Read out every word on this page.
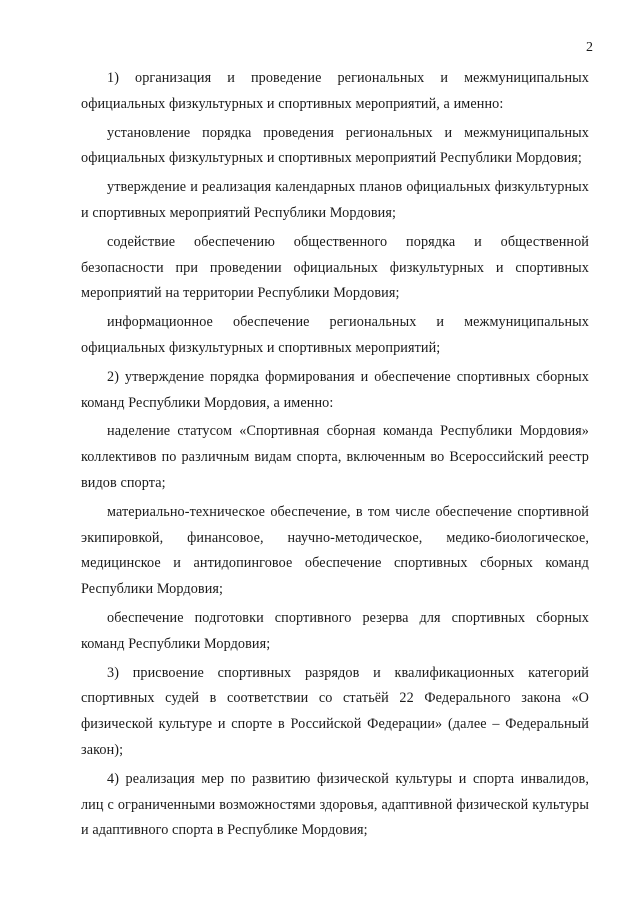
2

1) организация и проведение региональных и межмуниципальных официальных физкультурных и спортивных мероприятий, а именно:

установление порядка проведения региональных и межмуниципальных официальных физкультурных и спортивных мероприятий Республики Мордовия;

утверждение и реализация календарных планов официальных физкультурных и спортивных мероприятий Республики Мордовия;

содействие обеспечению общественного порядка и общественной безопасности при проведении официальных физкультурных и спортивных мероприятий на территории Республики Мордовия;

информационное обеспечение региональных и межмуниципальных официальных физкультурных и спортивных мероприятий;

2) утверждение порядка формирования и обеспечение спортивных сборных команд Республики Мордовия, а именно:

наделение статусом «Спортивная сборная команда Республики Мордовия» коллективов по различным видам спорта, включенным во Всероссийский реестр видов спорта;

материально-техническое обеспечение, в том числе обеспечение спортивной экипировкой, финансовое, научно-методическое, медико-биологическое, медицинское и антидопинговое обеспечение спортивных сборных команд Республики Мордовия;

обеспечение подготовки спортивного резерва для спортивных сборных команд Республики Мордовия;

3) присвоение спортивных разрядов и квалификационных категорий спортивных судей в соответствии со статьёй 22 Федерального закона «О физической культуре и спорте в Российской Федерации» (далее – Федеральный закон);

4) реализация мер по развитию физической культуры и спорта инвалидов, лиц с ограниченными возможностями здоровья, адаптивной физической культуры и адаптивного спорта в Республике Мордовия;
